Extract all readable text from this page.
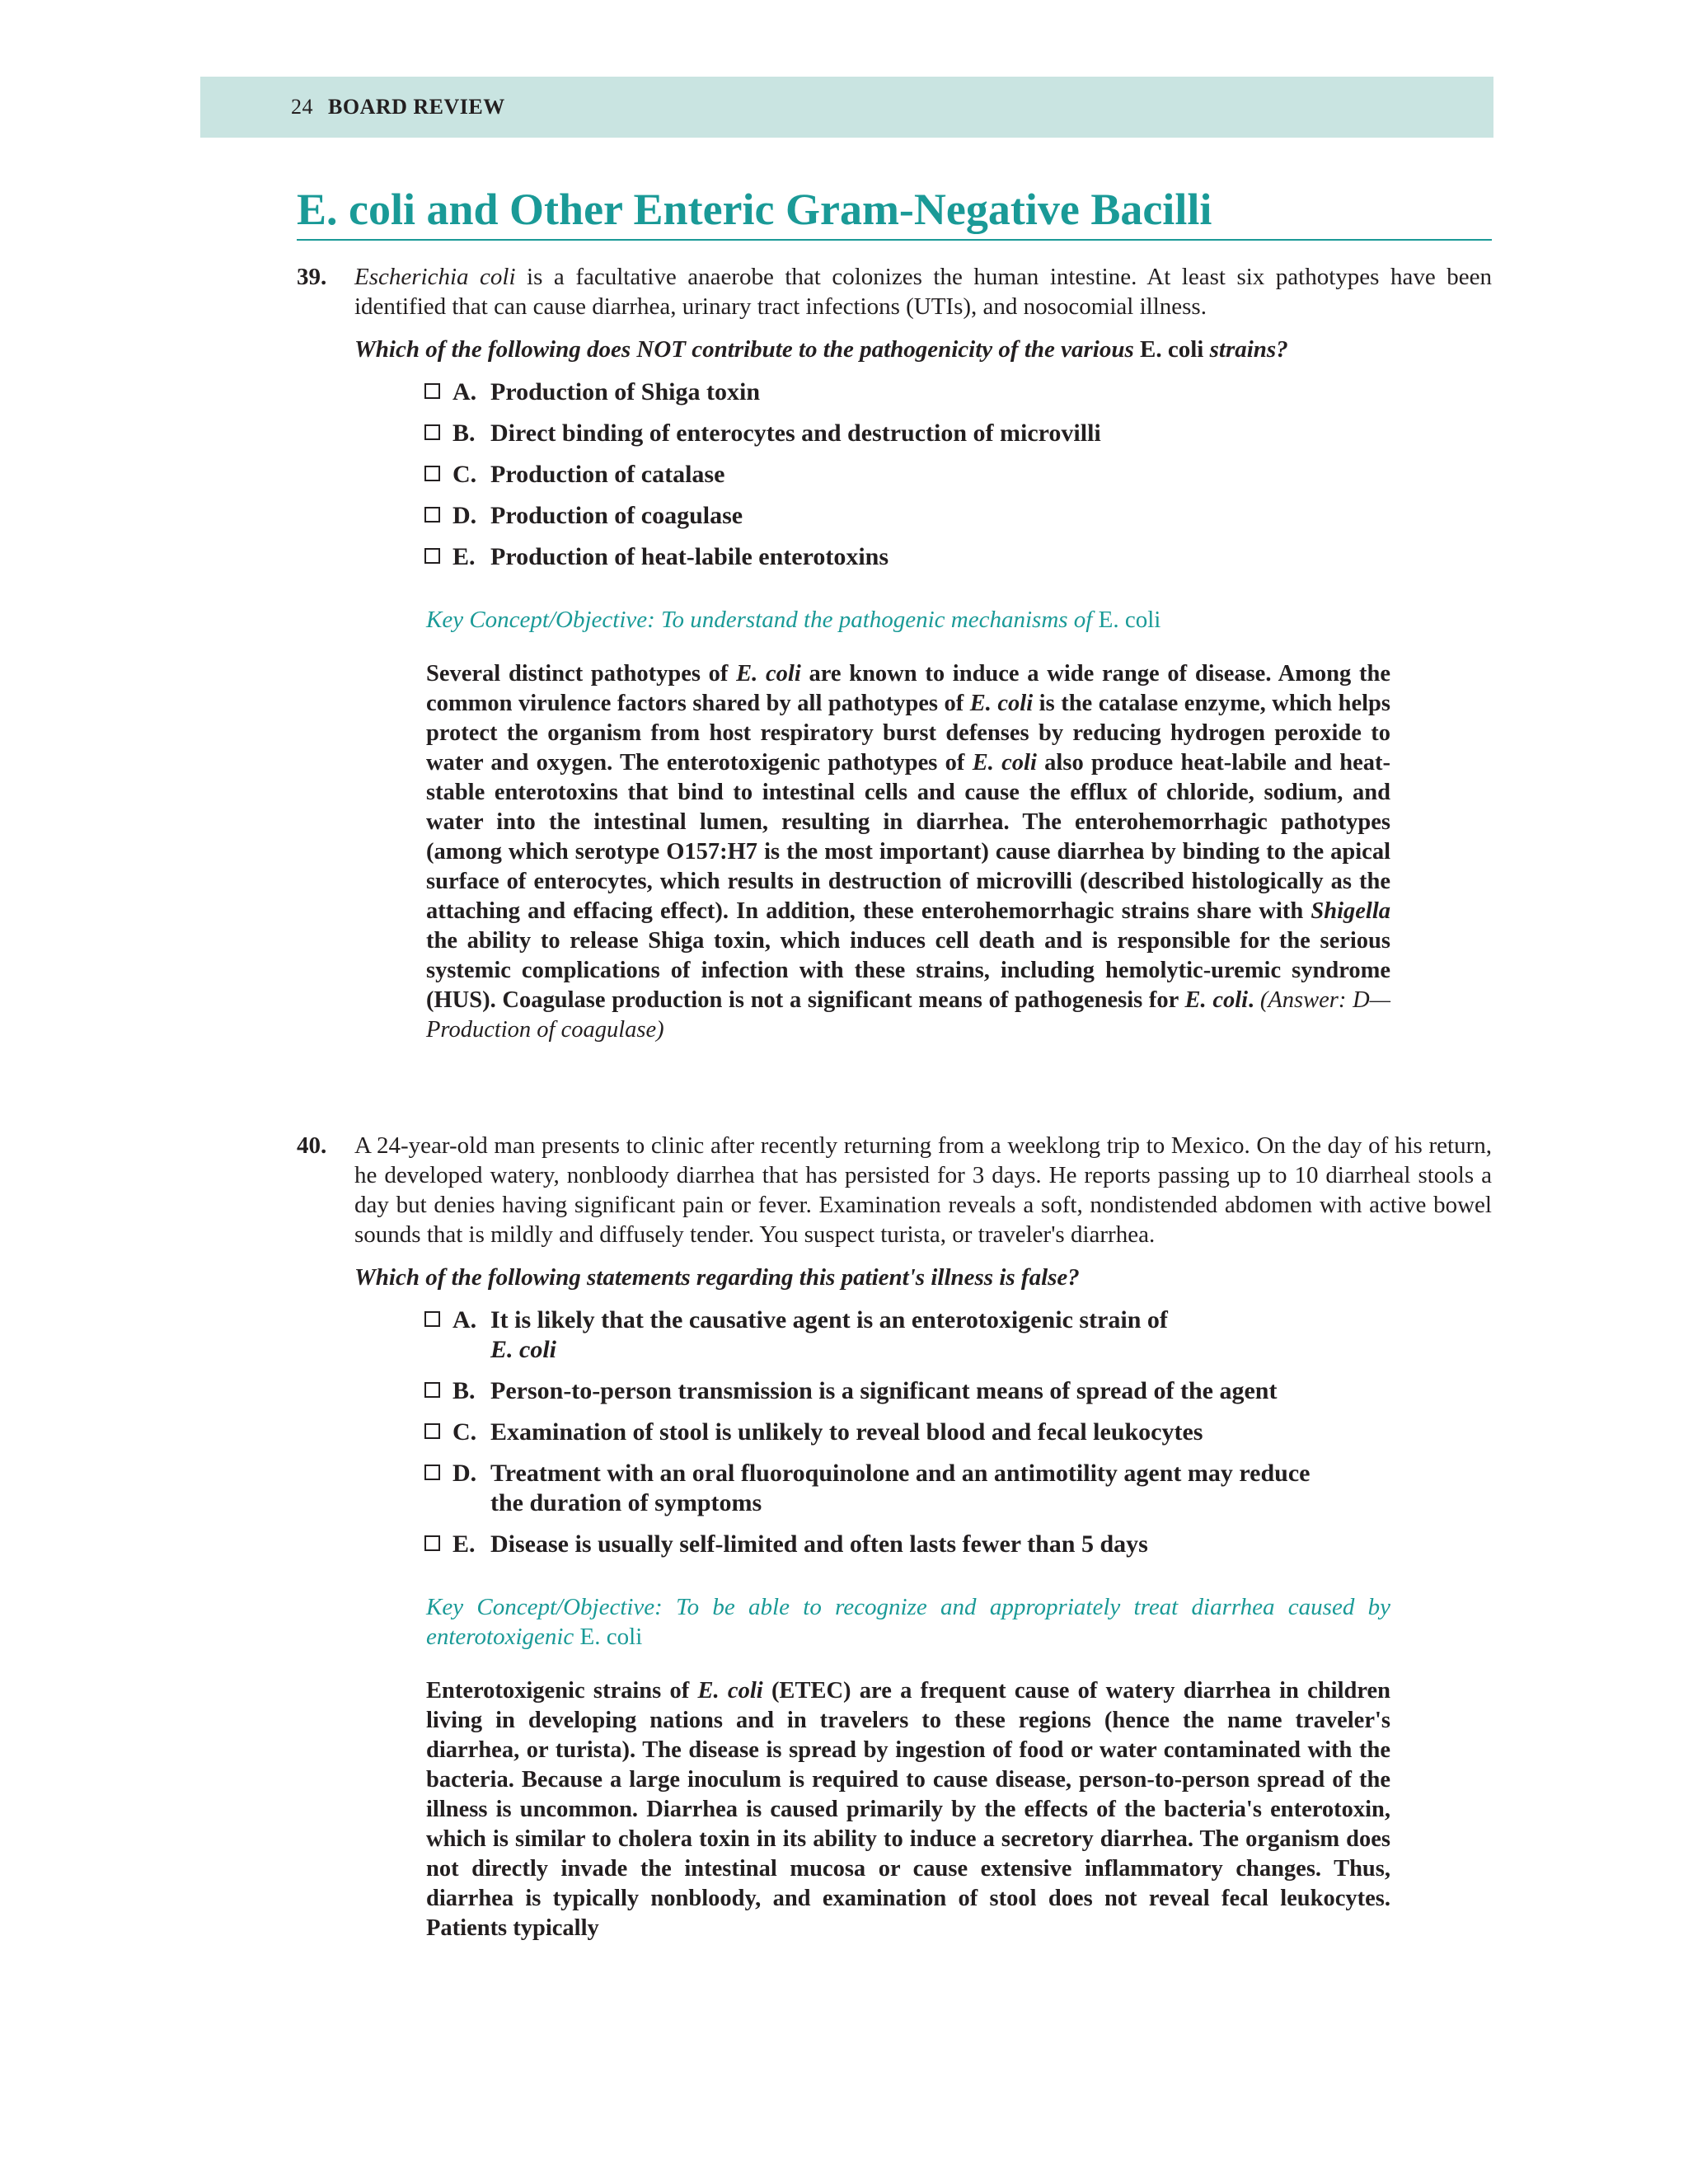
24 BOARD REVIEW
E. coli and Other Enteric Gram-Negative Bacilli

39. Escherichia coli is a facultative anaerobe that colonizes the human intestine. At least six pathotypes have been identified that can cause diarrhea, urinary tract infections (UTIs), and nosocomial illness.

Which of the following does NOT contribute to the pathogenicity of the various E. coli strains?
A. Production of Shiga toxin
B. Direct binding of enterocytes and destruction of microvilli
C. Production of catalase
D. Production of coagulase
E. Production of heat-labile enterotoxins
Key Concept/Objective: To understand the pathogenic mechanisms of E. coli
Several distinct pathotypes of E. coli are known to induce a wide range of disease. Among the common virulence factors shared by all pathotypes of E. coli is the catalase enzyme, which helps protect the organism from host respiratory burst defenses by reducing hydrogen peroxide to water and oxygen. The enterotoxigenic pathotypes of E. coli also produce heat-labile and heat-stable enterotoxins that bind to intestinal cells and cause the efflux of chloride, sodium, and water into the intestinal lumen, resulting in diarrhea. The enterohemorrhagic pathotypes (among which serotype O157:H7 is the most important) cause diarrhea by binding to the apical surface of enterocytes, which results in destruction of microvilli (described histologically as the attaching and effacing effect). In addition, these enterohemorrhagic strains share with Shigella the ability to release Shiga toxin, which induces cell death and is responsible for the serious systemic complications of infection with these strains, including hemolytic-uremic syndrome (HUS). Coagulase production is not a significant means of pathogenesis for E. coli. (Answer: D—Production of coagulase)

40. A 24-year-old man presents to clinic after recently returning from a weeklong trip to Mexico. On the day of his return, he developed watery, nonbloody diarrhea that has persisted for 3 days. He reports passing up to 10 diarrheal stools a day but denies having significant pain or fever. Examination reveals a soft, nondistended abdomen with active bowel sounds that is mildly and diffusely tender. You suspect turista, or traveler's diarrhea.

Which of the following statements regarding this patient's illness is false?
A. It is likely that the causative agent is an enterotoxigenic strain of
E. coli
B. Person-to-person transmission is a significant means of spread of the agent
C. Examination of stool is unlikely to reveal blood and fecal leukocytes
D. Treatment with an oral fluoroquinolone and an antimotility agent may reduce the duration of symptoms
E. Disease is usually self-limited and often lasts fewer than 5 days
Key Concept/Objective: To be able to recognize and appropriately treat diarrhea caused by enterotoxigenic E. coli
Enterotoxigenic strains of E. coli (ETEC) are a frequent cause of watery diarrhea in children living in developing nations and in travelers to these regions (hence the name traveler's diarrhea, or turista). The disease is spread by ingestion of food or water contaminated with the bacteria. Because a large inoculum is required to cause disease, person-to-person spread of the illness is uncommon. Diarrhea is caused primarily by the effects of the bacteria's enterotoxin, which is similar to cholera toxin in its ability to induce a secretory diarrhea. The organism does not directly invade the intestinal mucosa or cause extensive inflammatory changes. Thus, diarrhea is typically nonbloody, and examination of stool does not reveal fecal leukocytes. Patients typically
